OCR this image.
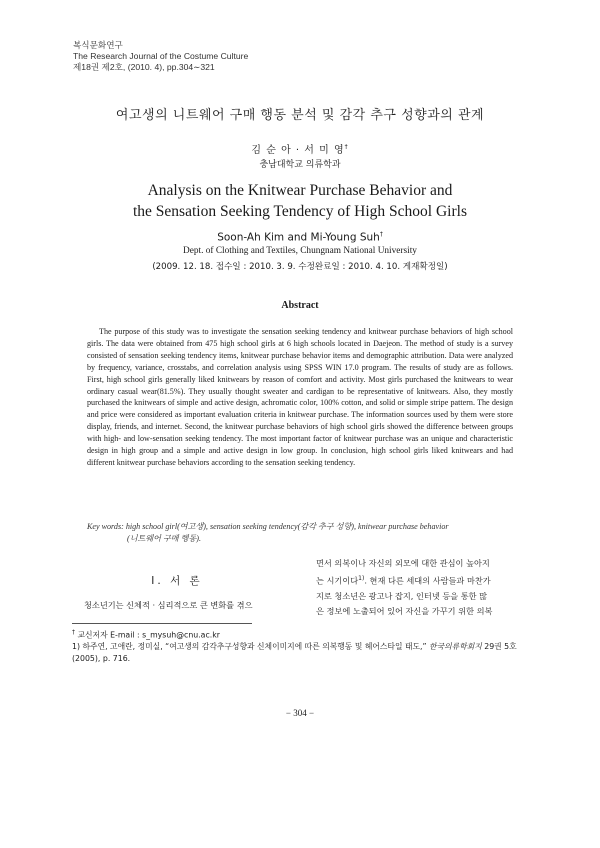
복식문화연구
The Research Journal of the Costume Culture
제18권 제2호, (2010. 4), pp.304∼321
여고생의 니트웨어 구매 행동 분석 및 감각 추구 성향과의 관계
김 순 아 · 서 미 영†
충남대학교 의류학과
Analysis on the Knitwear Purchase Behavior and
the Sensation Seeking Tendency of High School Girls
Soon-Ah Kim and Mi-Young Suh†
Dept. of Clothing and Textiles, Chungnam National University
(2009. 12. 18. 접수일 : 2010. 3. 9. 수정완료일 : 2010. 4. 10. 게재확정일)
Abstract
The purpose of this study was to investigate the sensation seeking tendency and knitwear purchase behaviors of high school girls. The data were obtained from 475 high school girls at 6 high schools located in Daejeon. The method of study is a survey consisted of sensation seeking tendency items, knitwear purchase behavior items and demographic attribution. Data were analyzed by frequency, variance, crosstabs, and correlation analysis using SPSS WIN 17.0 program. The results of study are as follows. First, high school girls generally liked knitwears by reason of comfort and activity. Most girls purchased the knitwears to wear ordinary casual wear(81.5%). They usually thought sweater and cardigan to be representative of knitwears. Also, they mostly purchased the knitwears of simple and active design, achromatic color, 100% cotton, and solid or simple stripe pattern. The design and price were considered as important evaluation criteria in knitwear purchase. The information sources used by them were store display, friends, and internet. Second, the knitwear purchase behaviors of high school girls showed the difference between groups with high- and low-sensation seeking tendency. The most important factor of knitwear purchase was an unique and characteristic design in high group and a simple and active design in low group. In conclusion, high school girls liked knitwears and had different knitwear purchase behaviors according to the sensation seeking tendency.
Key words: high school girl(여고생), sensation seeking tendency(감각 추구 성향), knitwear purchase behavior
(니트웨어 구매 행동).
Ⅰ. 서 론
청소년기는 신체적 · 심리적으로 큰 변화를 겪으
면서 의복이나 자신의 외모에 대한 관심이 높아지
는 시기이다$^{1)}$. 현재 다른 세대의 사람들과 마찬가
지로 청소년은 광고나 잡지, 인터넷 등을 통한 많
은 정보에 노출되어 있어 자신을 가꾸기 위한 의복
† 교신저자 E-mail : s_mysuh@cnu.ac.kr
1) 하주연, 고애란, 정미실, “여고생의 감각추구성향과 신체이미지에 따른 의복행동 및 헤어스타일 태도,” 한국의류학회지 29권 5호 (2005), p. 716.
− 304 −
